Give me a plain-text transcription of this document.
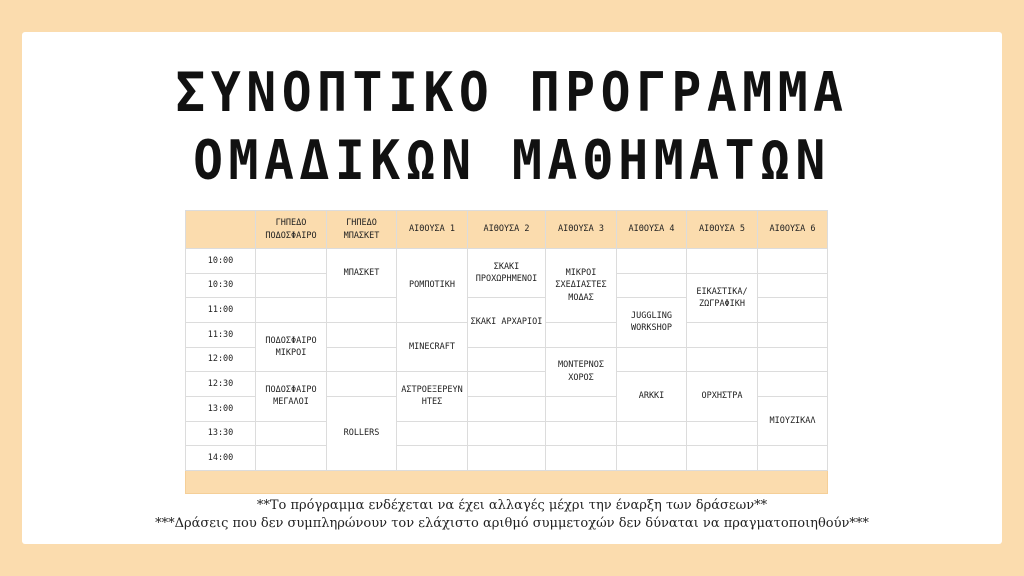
ΣΥΝΟΠΤΙΚΟ ΠΡΟΓΡΑΜΜΑ
ΟΜΑΔΙΚΩΝ ΜΑΘΗΜΑΤΩΝ
	ΓΗΠΕΔΟ ΠΟΔΟΣΦΑΙΡΟ	ΓΗΠΕΔΟ ΜΠΑΣΚΕΤ	ΑΙΘΟΥΣΑ 1	ΑΙΘΟΥΣΑ 2	ΑΙΘΟΥΣΑ 3	ΑΙΘΟΥΣΑ 4	ΑΙΘΟΥΣΑ 5	ΑΙΘΟΥΣΑ 6
10:00		ΜΠΑΣΚΕΤ	ΡΟΜΠΟΤΙΚΗ	ΣΚΑΚΙ ΠΡΟΧΩΡΗΜΕΝΟΙ	ΜΙΚΡΟΙ ΣΧΕΔΙΑΣΤΕΣ ΜΟΔΑΣ			
10:30							ΕΙΚΑΣΤΙΚΑ/ ΖΩΓΡΑΦΙΚΗ	
11:00				ΣΚΑΚΙ ΑΡΧΑΡΙΟΙ		JUGGLING WORKSHOP		
11:30	ΠΟΔΟΣΦΑΙΡΟ ΜΙΚΡΟΙ		MINECRAFT					
12:00					ΜΟΝΤΕΡΝΟΣ ΧΟΡΟΣ			
12:30	ΠΟΔΟΣΦΑΙΡΟ ΜΕΓΑΛΟΙ		ΑΣΤΡΟΕΞΕΡΕΥΝ ΗΤΕΣ			ARKKI	ΟΡΧΗΣΤΡΑ	
13:00		ROLLERS						ΜΙΟΥΖΙΚΑΛ
13:30								
14:00								

**Το πρόγραμμα ενδέχεται να έχει αλλαγές μέχρι την έναρξη των δράσεων**
***Δράσεις που δεν συμπληρώνουν τον ελάχιστο αριθμό συμμετοχών δεν δύναται να πραγματοποιηθούν***
